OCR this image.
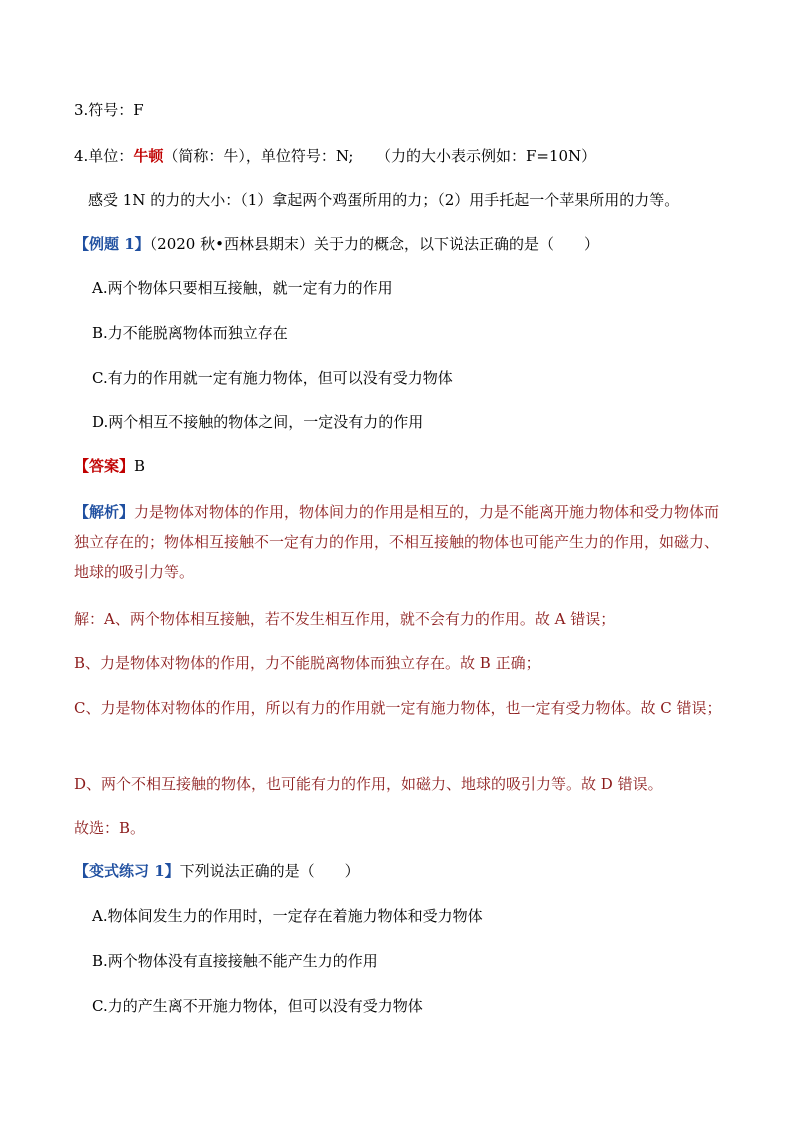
3.符号：F
4.单位：牛顿（简称：牛），单位符号：N;　　（力的大小表示例如：F=10N）
感受 1N 的力的大小：（1）拿起两个鸡蛋所用的力；（2）用手托起一个苹果所用的力等。
【例题 1】（2020 秋•西林县期末）关于力的概念，以下说法正确的是（　　）
A.两个物体只要相互接触，就一定有力的作用
B.力不能脱离物体而独立存在
C.有力的作用就一定有施力物体，但可以没有受力物体
D.两个相互不接触的物体之间，一定没有力的作用
【答案】B
【解析】力是物体对物体的作用，物体间力的作用是相互的，力是不能离开施力物体和受力物体而独立存在的；物体相互接触不一定有力的作用，不相互接触的物体也可能产生力的作用，如磁力、地球的吸引力等。
解：A、两个物体相互接触，若不发生相互作用，就不会有力的作用。故 A 错误；
B、力是物体对物体的作用，力不能脱离物体而独立存在。故 B 正确；
C、力是物体对物体的作用，所以有力的作用就一定有施力物体，也一定有受力物体。故 C 错误；
D、两个不相互接触的物体，也可能有力的作用，如磁力、地球的吸引力等。故 D 错误。
故选：B。
【变式练习 1】下列说法正确的是（　　）
A.物体间发生力的作用时，一定存在着施力物体和受力物体
B.两个物体没有直接接触不能产生力的作用
C.力的产生离不开施力物体，但可以没有受力物体
